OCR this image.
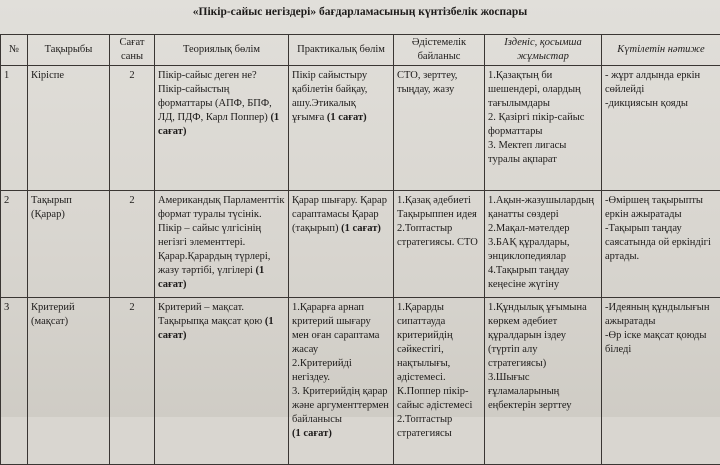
«Пікір-сайыс негіздері» бағдарламасының күнтізбелік жоспары
№	Тақырыбы	Сағат саны	Теориялық бөлім	Практикалық бөлім	Әдістемелік байланыс	Ізденіс, қосымша жұмыстар	Күтілетін нәтиже
1	Кіріспе	2	Пікір-сайыс деген не? Пікір-сайыстың форматтары (АПФ, БПФ, ЛД, ПДФ, Карл Поппер) (1 сағат)	Пікір сайыстыру қабілетін байқау, ашу.Этикалық ұғымға (1 сағат)	СТО, зерттеу, тыңдау, жазу	1.Қазақтың би шешендері, олардың тағылымдары
2. Қазіргі пікір-сайыс форматтары
3. Мектеп лигасы туралы ақпарат	- жұрт алдында еркін сөйлейді
-дикциясын қояды

2	Тақырып (Қарар)	2	Американдық Парламенттік формат туралы түсінік. Пікір – сайыс үлгісінің негізгі элементтері. Қарар.Қарардың түрлері, жазу тәртібі, үлгілері (1 сағат)	Қарар шығару. Қарар сараптамасы Қарар (тақырып) (1 сағат)	1.Қазақ әдебиеті Тақырыппен идея
2.Топтастыр стратегиясы. СТО	1.Ақын-жазушылардың қанатты сөздері
2.Мақал-мәтелдер
3.БАҚ құралдары, энциклопедиялар
4.Тақырып таңдау кеңесіне жүгіну	-Өміршең тақырыпты еркін ажыратады
-Тақырып таңдау саясатында ой еркіндігі артады.

3	Критерий (мақсат)	2	Критерий – мақсат. Тақырыпқа мақсат қою (1 сағат)	1.Қарарға арнап критерий шығару мен оған сараптама жасау
2.Критерийді негіздеу.
3. Критерийдің қарар және аргументтермен байланысы
(1 сағат)	1.Қарарды сипаттауда критерийдің сәйкестігі, нақтылығы, әдістемесі.
К.Поппер пікір-сайыс әдістемесі
2.Топтастыр стратегиясы	1.Құндылық ұғымына көркем әдебиет құралдарын іздеу (түртіп алу стратегиясы)
3.Шығыс ғұламаларының еңбектерін зерттеу	-Идеяның құндылығын ажыратады
-Өр іске мақсат қоюды біледі
